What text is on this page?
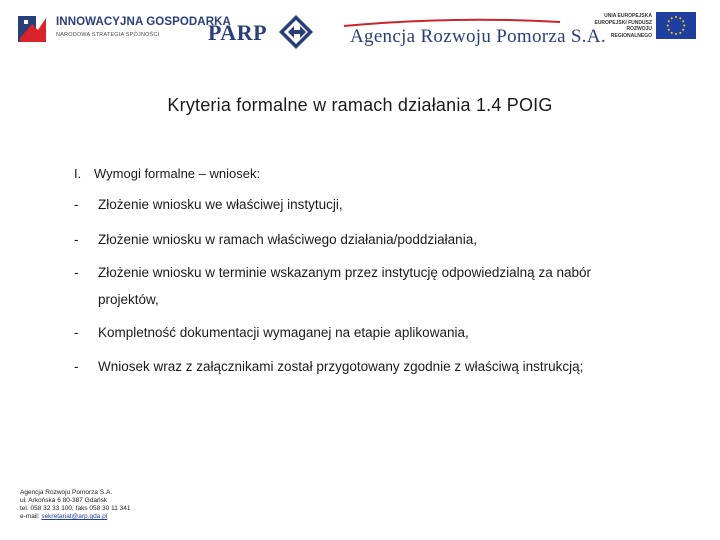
INNOWACYJNA GOSPODARKA
NARODOWA STRATEGIA SPÓJNOŚCI PARP	Agencja Rozwoju Pomorza S.A.
UNIA EUROPEJSKA
EUROPEJSKI FUNDUSZ
ROZWOJU REGIONALNEGO
Kryteria formalne w ramach działania 1.4 POIG
I. Wymogi formalne – wniosek:
- Złożenie wniosku we właściwej instytucji,
- Złożenie wniosku w ramach właściwego działania/poddziałania,
- Złożenie wniosku w terminie wskazanym przez instytucję odpowiedzialną za nabór
projektów,
- Kompletność dokumentacji wymaganej na etapie aplikowania,
- Wniosek wraz z załącznikami został przygotowany zgodnie z właściwą instrukcją;
Agencja Rozwoju Pomorza S.A.
ul. Arkońska 6 80-387 Gdańsk
tel. 058 32 33 100, faks 058 30 11 341
e-mail: sekretariat@arp.gda.pl
